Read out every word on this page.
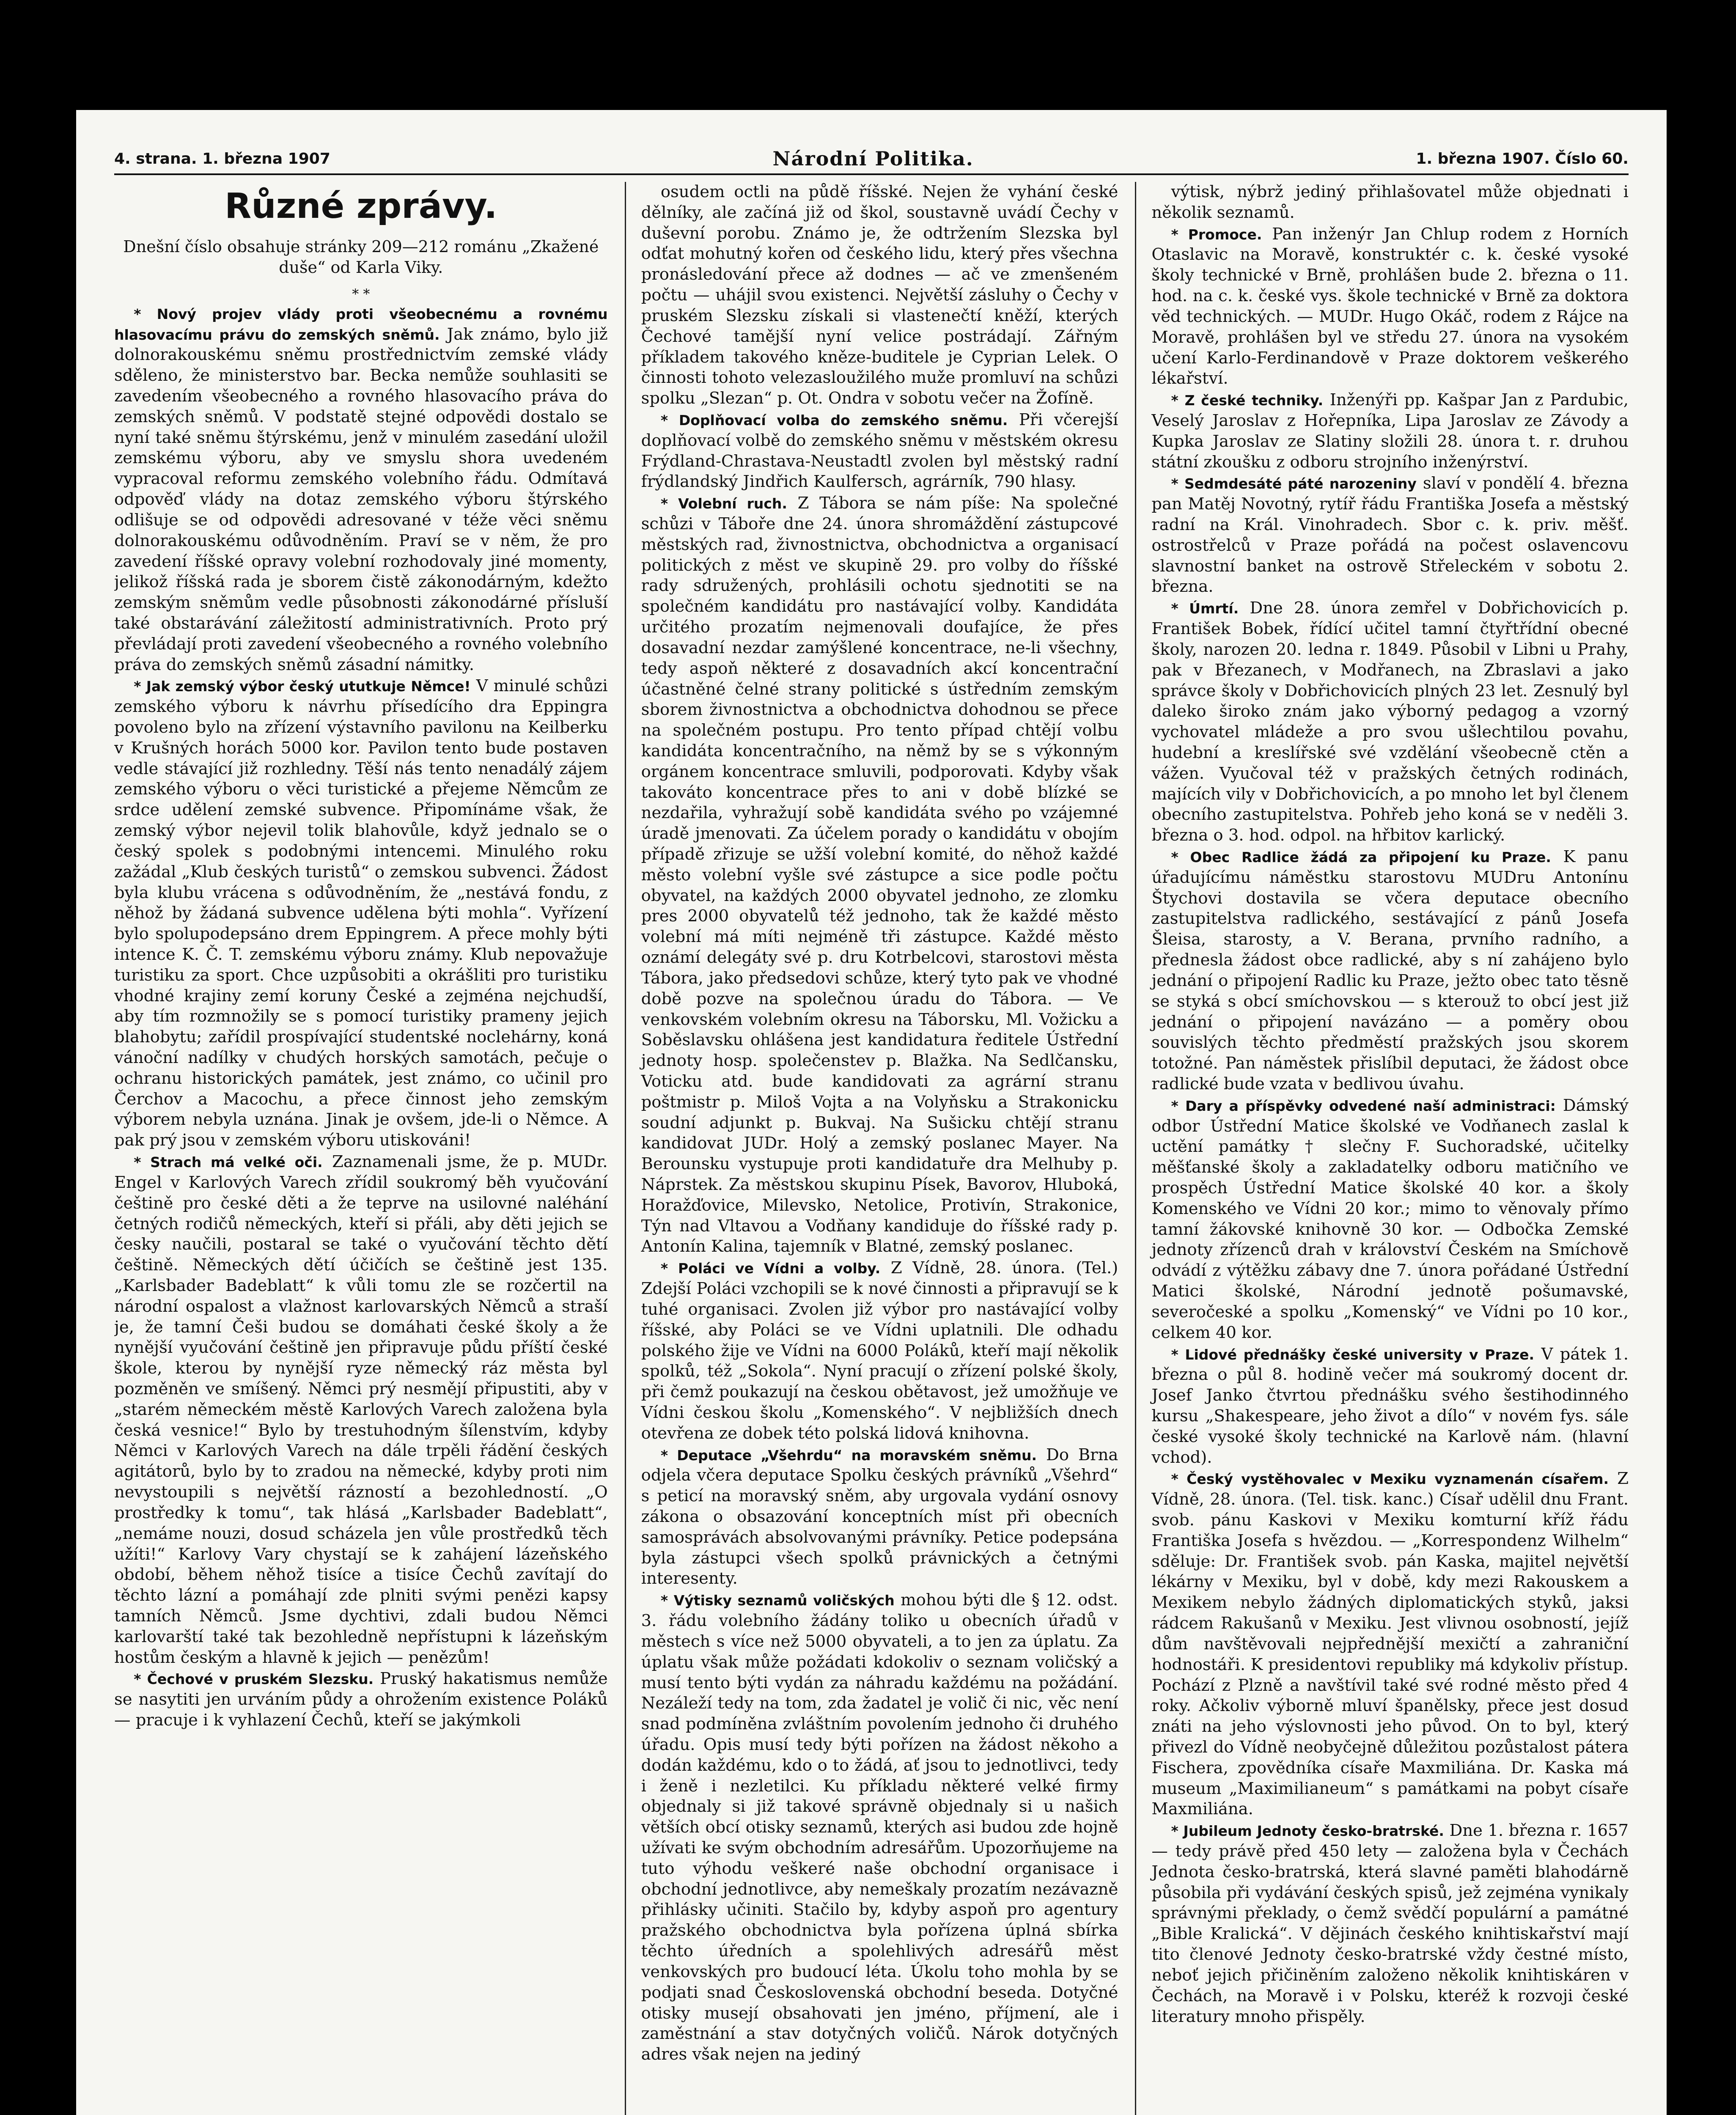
4. strana. 1. března 1907	Národní Politika.	1. března 1907. Číslo 60.
Různé zprávy.
Dnešní číslo obsahuje stránky 209—212 románu „Zkažené duše“ od Karla Viky.
* *

* Nový projev vlády proti všeobecnému a rovnému hlasovacímu právu do zemských sněmů. Jak známo, bylo již dolnorakouskému sněmu prostřednictvím zemské vlády sděleno, že ministerstvo bar. Becka nemůže souhlasiti se zavedením všeobecného a rovného hlasovacího práva do zemských sněmů. V podstatě stejné odpovědi dostalo se nyní také sněmu štýrskému, jenž v minulém zasedání uložil zemskému výboru, aby ve smyslu shora uvedeném vypracoval reformu zemského volebního řádu. Odmítavá odpověď vlády na dotaz zemského výboru štýrského odlišuje se od odpovědi adresované v téže věci sněmu dolnorakouskému odůvodněním. Praví se v něm, že pro zavedení říšské opravy volební rozhodovaly jiné momenty, jelikož říšská rada je sborem čistě zákonodárným, kdežto zemským sněmům vedle působnosti zákonodárné přísluší také obstarávání záležitostí administrativních. Proto prý převládají proti zavedení všeobecného a rovného volebního práva do zemských sněmů zásadní námitky.

* Jak zemský výbor český ututkuje Němce! V minulé schůzi zemského výboru k návrhu přísedícího dra Eppingra povoleno bylo na zřízení výstavního pavilonu na Keilberku v Krušných horách 5000 kor. Pavilon tento bude postaven vedle stávající již rozhledny. Těší nás tento nenadálý zájem zemského výboru o věci turistické a přejeme Němcům ze srdce udělení zemské subvence. Připomínáme však, že zemský výbor nejevil tolik blahovůle, když jednalo se o český spolek s podobnými intencemi. Minulého roku zažádal „Klub českých turistů“ o zemskou subvenci. Žádost byla klubu vrácena s odůvodněním, že „nestává fondu, z něhož by žádaná subvence udělena býti mohla“. Vyřízení bylo spolupodepsáno drem Eppingrem. A přece mohly býti intence K. Č. T. zemskému výboru známy. Klub nepovažuje turistiku za sport. Chce uzpůsobiti a okrášliti pro turistiku vhodné krajiny zemí koruny České a zejména nejchudší, aby tím rozmnožily se s pomocí turistiky prameny jejich blahobytu; zařídil prospívající studentské noclehárny, koná vánoční nadílky v chudých horských samotách, pečuje o ochranu historických památek, jest známo, co učinil pro Čerchov a Macochu, a přece činnost jeho zemským výborem nebyla uznána. Jinak je ovšem, jde-li o Němce. A pak prý jsou v zemském výboru utiskováni!

* Strach má velké oči. Zaznamenali jsme, že p. MUDr. Engel v Karlových Varech zřídil soukromý běh vyučování češtině pro české děti a že teprve na usilovné naléhání četných rodičů německých, kteří si přáli, aby děti jejich se česky naučili, postaral se také o vyučování těchto dětí češtině. Německých dětí účičích se češtině jest 135. „Karlsbader Badeblatt“ k vůli tomu zle se rozčertil na národní ospalost a vlažnost karlovarských Němců a straší je, že tamní Češi budou se domáhati české školy a že nynější vyučování češtině jen připravuje půdu příští české škole, kterou by nynější ryze německý ráz města byl pozměněn ve smíšený. Němci prý nesmějí připustiti, aby v „starém německém městě Karlových Varech založena byla česká vesnice!“ Bylo by trestuhodným šílenstvím, kdyby Němci v Karlových Varech na dále trpěli řádění českých agitátorů, bylo by to zradou na německé, kdyby proti nim nevystoupili s největší rázností a bezohledností. „O prostředky k tomu“, tak hlásá „Karlsbader Badeblatt“, „nemáme nouzi, dosud scházela jen vůle prostředků těch užíti!“ Karlovy Vary chystají se k zahájení lázeňského období, během něhož tisíce a tisíce Čechů zavítají do těchto lázní a pomáhají zde plniti svými penězi kapsy tamních Němců. Jsme dychtivi, zdali budou Němci karlovarští také tak bezohledně nepřístupni k lázeňským hostům českým a hlavně k jejich — penězům!

* Čechové v pruském Slezsku. Pruský hakatismus nemůže se nasytiti jen urváním půdy a ohrožením existence Poláků — pracuje i k vyhlazení Čechů, kteří se jakýmkoli

osudem octli na půdě říšské. Nejen že vyhání české dělníky, ale začíná již od škol, soustavně uvádí Čechy v duševní porobu. Známo je, že odtržením Slezska byl odťat mohutný kořen od českého lidu, který přes všechna pronásledování přece až dodnes — ač ve zmenšeném počtu — uhájil svou existenci. Největší zásluhy o Čechy v pruském Slezsku získali si vlastenečtí kněží, kterých Čechové tamější nyní velice postrádají. Zářným příkladem takového kněze-buditele je Cyprian Lelek. O činnosti tohoto velezasloužilého muže promluví na schůzi spolku „Slezan“ p. Ot. Ondra v sobotu večer na Žofíně.

* Doplňovací volba do zemského sněmu. Při včerejší doplňovací volbě do zemského sněmu v městském okresu Frýdland-Chrastava-Neustadtl zvolen byl městský radní frýdlandský Jindřich Kaulfersch, agrárník, 790 hlasy.

* Volební ruch. Z Tábora se nám píše: Na společné schůzi v Táboře dne 24. února shromáždění zástupcové městských rad, živnostnictva, obchodnictva a organisací politických z měst ve skupině 29. pro volby do říšské rady sdružených, prohlásili ochotu sjednotiti se na společném kandidátu pro nastávající volby. Kandidáta určitého prozatím nejmenovali doufajíce, že přes dosavadní nezdar zamýšlené koncentrace, ne-li všechny, tedy aspoň některé z dosavadních akcí koncentrační účastněné čelné strany politické s ústředním zemským sborem živnostnictva a obchodnictva dohodnou se přece na společném postupu. Pro tento případ chtějí volbu kandidáta koncentračního, na němž by se s výkonným orgánem koncentrace smluvili, podporovati. Kdyby však takováto koncentrace přes to ani v době blízké se nezdařila, vyhražují sobě kandidáta svého po vzájemné úradě jmenovati. Za účelem porady o kandidátu v obojím případě zřizuje se užší volební komité, do něhož každé město volební vyšle své zástupce a sice podle počtu obyvatel, na každých 2000 obyvatel jednoho, ze zlomku pres 2000 obyvatelů též jednoho, tak že každé město volební má míti nejméně tři zástupce. Každé město oznámí delegáty své p. dru Kotrbelcovi, starostovi města Tábora, jako předsedovi schůze, který tyto pak ve vhodné době pozve na společnou úradu do Tábora. — Ve venkovském volebním okresu na Táborsku, Ml. Vožicku a Soběslavsku ohlášena jest kandidatura ředitele Ústřední jednoty hosp. společenstev p. Blažka. Na Sedlčansku, Voticku atd. bude kandidovati za agrární stranu poštmistr p. Miloš Vojta a na Volyňsku a Strakonicku soudní adjunkt p. Bukvaj. Na Sušicku chtějí stranu kandidovat JUDr. Holý a zemský poslanec Mayer. Na Berounsku vystupuje proti kandidatuře dra Melhuby p. Náprstek. Za městskou skupinu Písek, Bavorov, Hluboká, Horažďovice, Milevsko, Netolice, Protivín, Strakonice, Týn nad Vltavou a Vodňany kandiduje do říšské rady p. Antonín Kalina, tajemník v Blatné, zemský poslanec.

* Poláci ve Vídni a volby. Z Vídně, 28. února. (Tel.) Zdejší Poláci vzchopili se k nové činnosti a připravují se k tuhé organisaci. Zvolen již výbor pro nastávající volby říšské, aby Poláci se ve Vídni uplatnili. Dle odhadu polského žije ve Vídni na 6000 Poláků, kteří mají několik spolků, též „Sokola“. Nyní pracují o zřízení polské školy, při čemž poukazují na českou obětavost, jež umožňuje ve Vídni českou školu „Komenského“. V nejbližších dnech otevřena ze dobek této polská lidová knihovna.

* Deputace „Všehrdu“ na moravském sněmu. Do Brna odjela včera deputace Spolku českých právníků „Všehrd“ s peticí na moravský sněm, aby urgovala vydání osnovy zákona o obsazování konceptních míst při obecních samosprávách absolvovanými právníky. Petice podepsána byla zástupci všech spolků právnických a četnými interesenty.

* Výtisky seznamů voličských mohou býti dle § 12. odst. 3. řádu volebního žádány toliko u obecních úřadů v městech s více než 5000 obyvateli, a to jen za úplatu. Za úplatu však může požádati kdokoliv o seznam voličský a musí tento býti vydán za náhradu každému na požádání. Nezáleží tedy na tom, zda žadatel je volič či nic, věc není snad podmíněna zvláštním povolením jednoho či druhého úřadu. Opis musí tedy býti pořízen na žádost někoho a dodán každému, kdo o to žádá, ať jsou to jednotlivci, tedy i ženě i nezletilci. Ku příkladu některé velké firmy objednaly si již takové správně objednaly si u našich větších obcí otisky seznamů, kterých asi budou zde hojně užívati ke svým obchodním adresářům. Upozorňujeme na tuto výhodu veškeré naše obchodní organisace i obchodní jednotlivce, aby nemeškaly prozatím nezávazně přihlásky učiniti. Stačilo by, kdyby aspoň pro agentury pražského obchodnictva byla pořízena úplná sbírka těchto úředních a spolehlivých adresářů měst venkovských pro budoucí léta. Úkolu toho mohla by se podjati snad Československá obchodní beseda. Dotyčné otisky musejí obsahovati jen jméno, příjmení, ale i zaměstnání a stav dotyčných voličů. Nárok dotyčných adres však nejen na jediný

výtisk, nýbrž jediný přihlašovatel může objednati i několik seznamů.

* Promoce. Pan inženýr Jan Chlup rodem z Horních Otaslavic na Moravě, konstruktér c. k. české vysoké školy technické v Brně, prohlášen bude 2. března o 11. hod. na c. k. české vys. škole technické v Brně za doktora věd technických. — MUDr. Hugo Okáč, rodem z Rájce na Moravě, prohlášen byl ve středu 27. února na vysokém učení Karlo-Ferdinandově v Praze doktorem veškerého lékařství.

* Z české techniky. Inženýři pp. Kašpar Jan z Pardubic, Veselý Jaroslav z Hořepníka, Lipa Jaroslav ze Závody a Kupka Jaroslav ze Slatiny složili 28. února t. r. druhou státní zkoušku z odboru strojního inženýrství.

* Sedmdesáté páté narozeniny slaví v pondělí 4. března pan Matěj Novotný, rytíř řádu Františka Josefa a městský radní na Král. Vinohradech. Sbor c. k. priv. měšť. ostrostřelců v Praze pořádá na počest oslavencovu slavnostní banket na ostrově Střeleckém v sobotu 2. března.

* Úmrtí. Dne 28. února zemřel v Dobřichovicích p. František Bobek, řídící učitel tamní čtyřtřídní obecné školy, narozen 20. ledna r. 1849. Působil v Libni u Prahy, pak v Březanech, v Modřanech, na Zbraslavi a jako správce školy v Dobřichovicích plných 23 let. Zesnulý byl daleko široko znám jako výborný pedagog a vzorný vychovatel mládeže a pro svou ušlechtilou povahu, hudební a kreslířské své vzdělání všeobecně ctěn a vážen. Vyučoval též v pražských četných rodinách, majících vily v Dobřichovicích, a po mnoho let byl členem obecního zastupitelstva. Pohřeb jeho koná se v neděli 3. března o 3. hod. odpol. na hřbitov karlický.

* Obec Radlice žádá za připojení ku Praze. K panu úřadujícímu náměstku starostovu MUDru Antonínu Štychovi dostavila se včera deputace obecního zastupitelstva radlického, sestávající z pánů Josefa Šleisa, starosty, a V. Berana, prvního radního, a přednesla žádost obce radlické, aby s ní zahájeno bylo jednání o připojení Radlic ku Praze, ježto obec tato těsně se styká s obcí smíchovskou — s kterouž to obcí jest již jednání o připojení navázáno — a poměry obou souvislých těchto předměstí pražských jsou skorem totožné. Pan náměstek přislíbil deputaci, že žádost obce radlické bude vzata v bedlivou úvahu.

* Dary a příspěvky odvedené naší administraci: Dámský odbor Ústřední Matice školské ve Vodňanech zaslal k uctění památky † slečny F. Suchoradské, učitelky měšťanské školy a zakladatelky odboru matičního ve prospěch Ústřední Matice školské 40 kor. a školy Komenského ve Vídni 20 kor.; mimo to věnovaly přímo tamní žákovské knihovně 30 kor. — Odbočka Zemské jednoty zřízenců drah v království Českém na Smíchově odvádí z výtěžku zábavy dne 7. února pořádané Ústřední Matici školské, Národní jednotě pošumavské, severočeské a spolku „Komenský“ ve Vídni po 10 kor., celkem 40 kor.

* Lidové přednášky české university v Praze. V pátek 1. března o půl 8. hodině večer má soukromý docent dr. Josef Janko čtvrtou přednášku svého šestihodinného kursu „Shakespeare, jeho život a dílo“ v novém fys. sále české vysoké školy technické na Karlově nám. (hlavní vchod).

* Český vystěhovalec v Mexiku vyznamenán císařem. Z Vídně, 28. února. (Tel. tisk. kanc.) Císař udělil dnu Frant. svob. pánu Kaskovi v Mexiku komturní kříž řádu Františka Josefa s hvězdou. — „Korrespondenz Wilhelm“ sděluje: Dr. František svob. pán Kaska, majitel největší lékárny v Mexiku, byl v době, kdy mezi Rakouskem a Mexikem nebylo žádných diplomatických styků, jaksi rádcem Rakušanů v Mexiku. Jest vlivnou osobností, jejíž dům navštěvovali nejpřednější mexičtí a zahraniční hodnostáři. K presidentovi republiky má kdykoliv přístup. Pochází z Plzně a navštívil také své rodné město před 4 roky. Ačkoliv výborně mluví španělsky, přece jest dosud znáti na jeho výslovnosti jeho původ. On to byl, který přivezl do Vídně neobyčejně důležitou pozůstalost pátera Fischera, zpovědníka císaře Maxmiliána. Dr. Kaska má museum „Maximilianeum“ s památkami na pobyt císaře Maxmiliána.

* Jubileum Jednoty česko-bratrské. Dne 1. března r. 1657 — tedy právě před 450 lety — založena byla v Čechách Jednota česko-bratrská, která slavné paměti blahodárně působila při vydávání českých spisů, jež zejména vynikaly správnými překlady, o čemž svědčí populární a památné „Bible Kralická“. V dějinách českého knihtiskařství mají tito členové Jednoty česko-bratrské vždy čestné místo, neboť jejich přičiněním založeno několik knihtiskáren v Čechách, na Moravě i v Polsku, kteréž k rozvoji české literatury mnoho přispěly.
